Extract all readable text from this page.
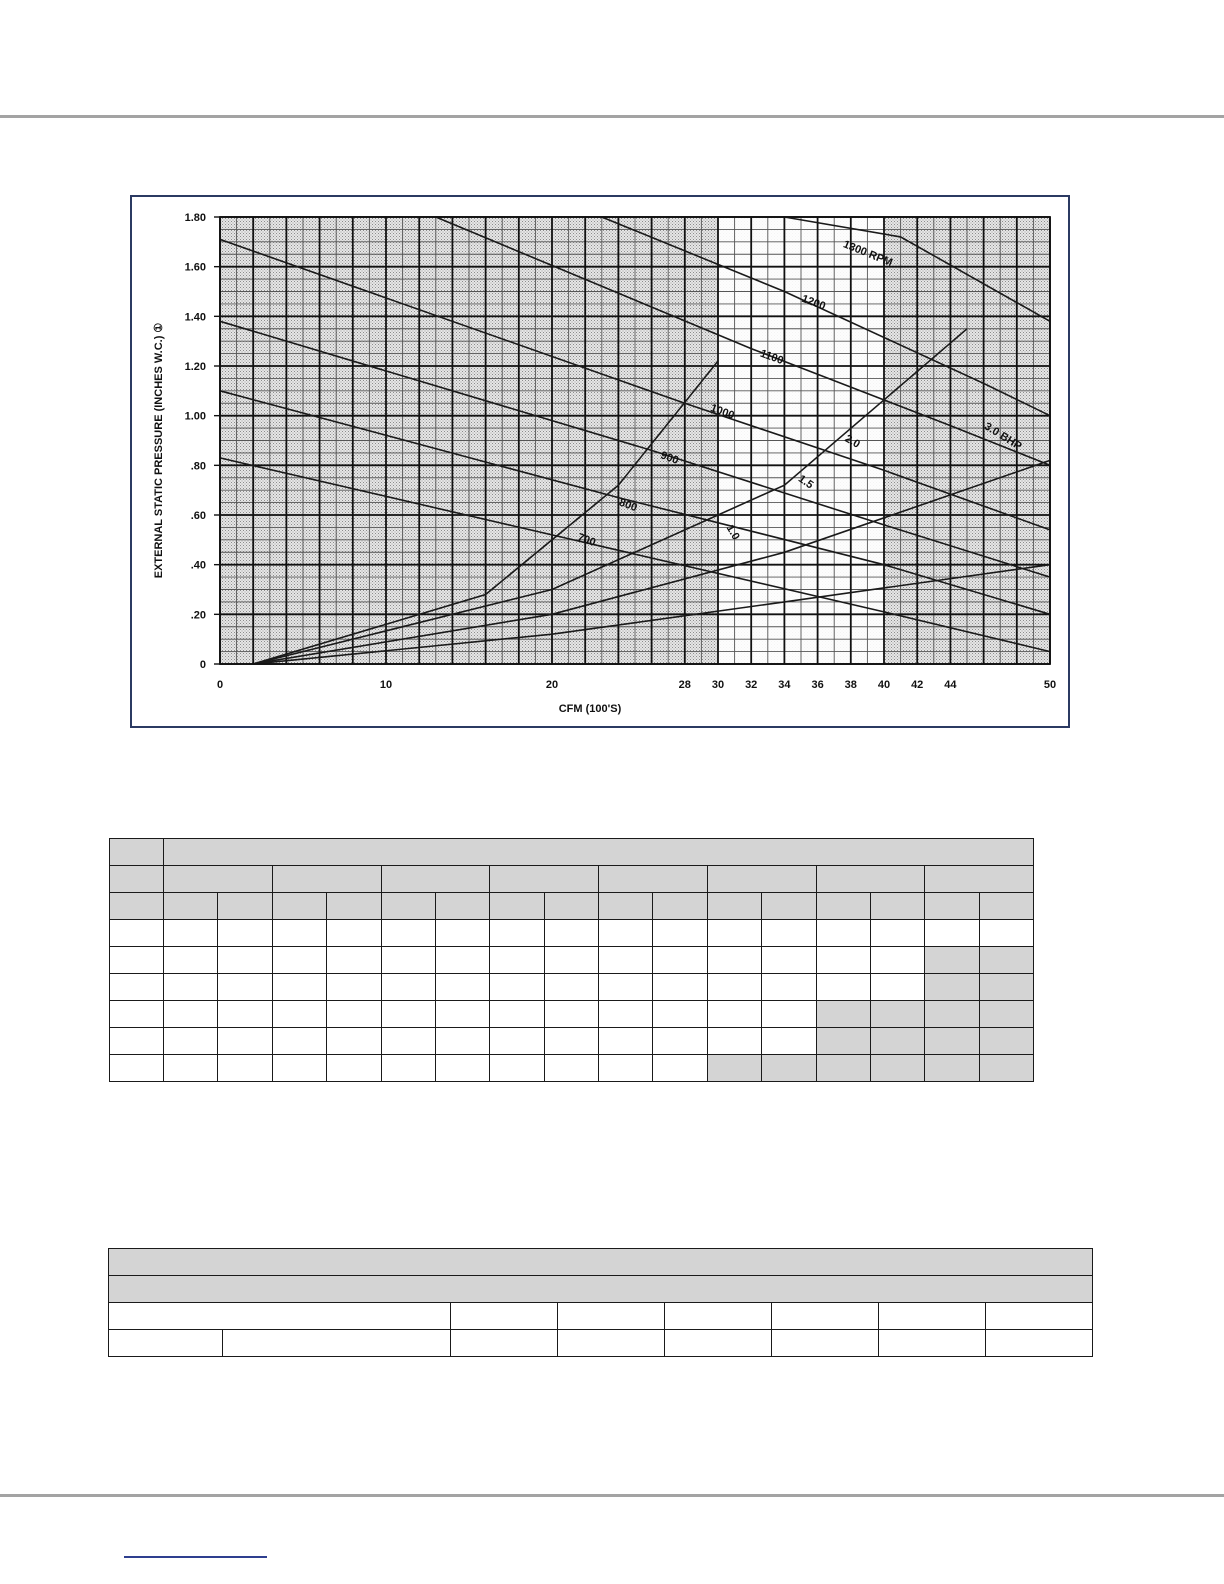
700
800
900
1000
1100
1200
1300 RPM
1.0
1.5
2.0	3.0 BHP
0
.20
.40
.60
.80
1.00
1.20
1.40
1.60
1.80
0	10	20	28 30 32 34 36 38 40 42 44	50
CFM (100'S)
EXTERNAL STATIC PRESSURE (INCHES W.C.) ①
